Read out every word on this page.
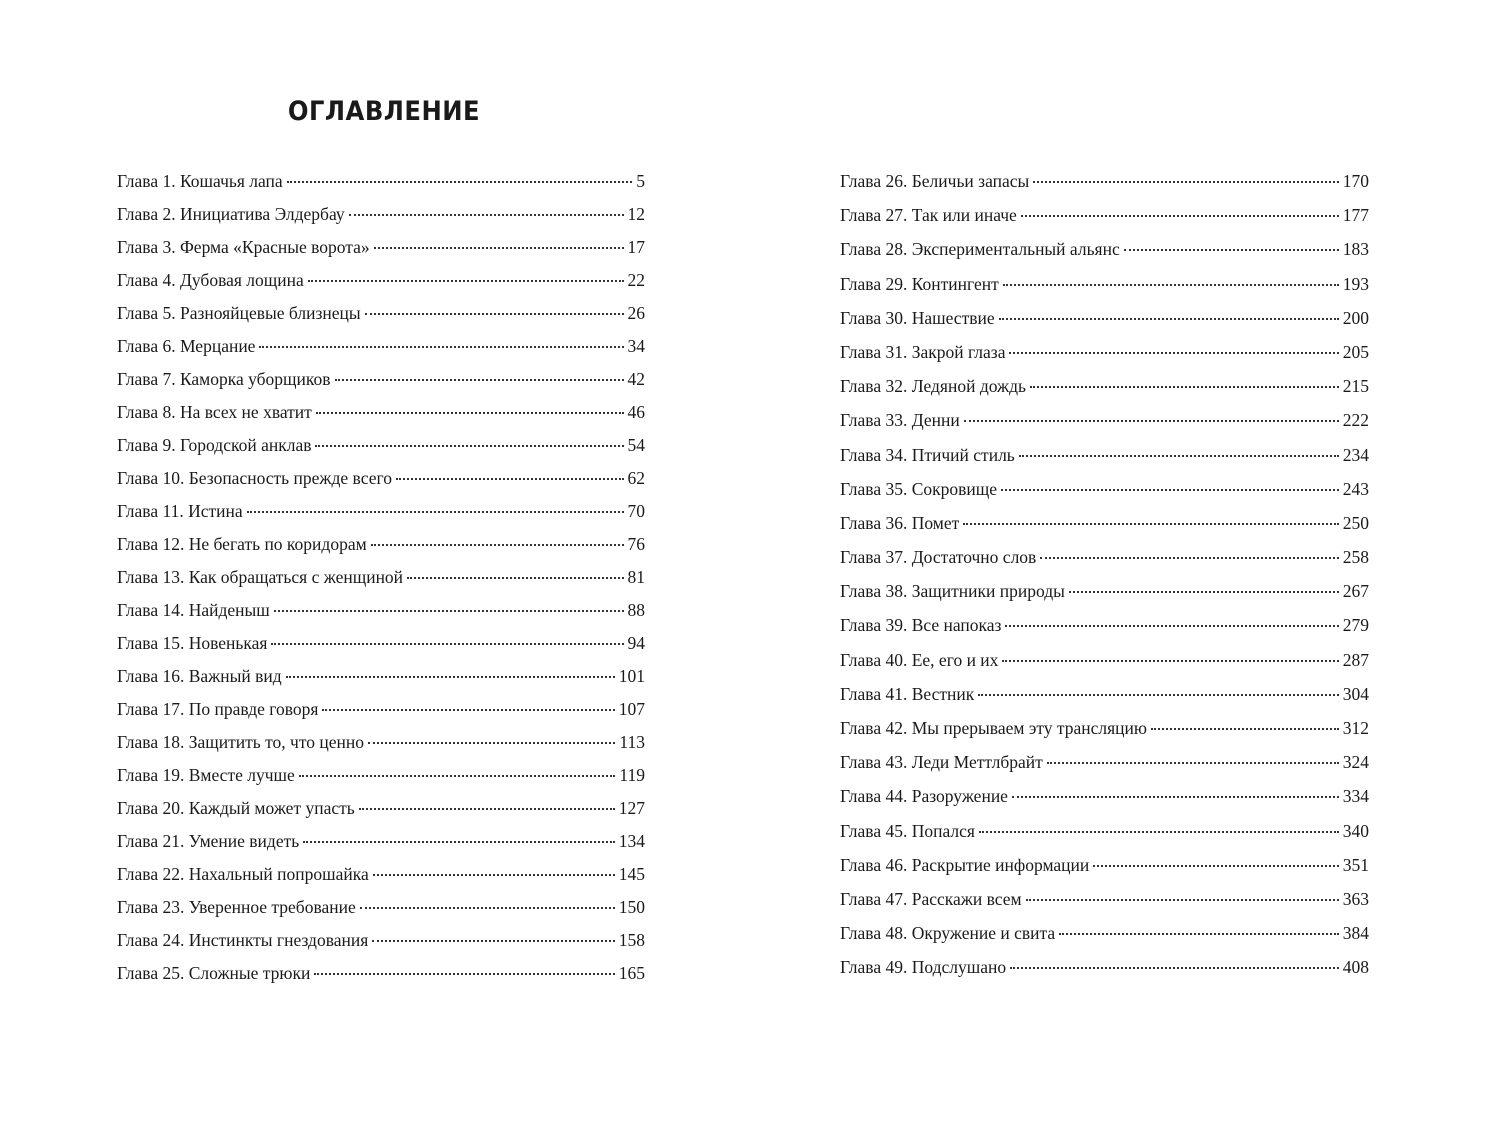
ОГЛАВЛЕНИЕ
Глава 1. Кошачья лапа	5
Глава 2. Инициатива Элдербау	12
Глава 3. Ферма «Красные ворота»	17
Глава 4. Дубовая лощина	22
Глава 5. Разнояйцевые близнецы	26
Глава 6. Мерцание	34
Глава 7. Каморка уборщиков	42
Глава 8. На всех не хватит	46
Глава 9. Городской анклав	54
Глава 10. Безопасность прежде всего	62
Глава 11. Истина	70
Глава 12. Не бегать по коридорам	76
Глава 13. Как обращаться с женщиной	81
Глава 14. Найденыш	88
Глава 15. Новенькая	94
Глава 16. Важный вид	101
Глава 17. По правде говоря	107
Глава 18. Защитить то, что ценно	113
Глава 19. Вместе лучше	119
Глава 20. Каждый может упасть	127
Глава 21. Умение видеть	134
Глава 22. Нахальный попрошайка	145
Глава 23. Уверенное требование	150
Глава 24. Инстинкты гнездования	158
Глава 25. Сложные трюки	165
Глава 26. Беличьи запасы	170
Глава 27. Так или иначе	177
Глава 28. Экспериментальный альянс	183
Глава 29. Контингент	193
Глава 30. Нашествие	200
Глава 31. Закрой глаза	205
Глава 32. Ледяной дождь	215
Глава 33. Денни	222
Глава 34. Птичий стиль	234
Глава 35. Сокровище	243
Глава 36. Помет	250
Глава 37. Достаточно слов	258
Глава 38. Защитники природы	267
Глава 39. Все напоказ	279
Глава 40. Ее, его и их	287
Глава 41. Вестник	304
Глава 42. Мы прерываем эту трансляцию	312
Глава 43. Леди Меттлбрайт	324
Глава 44. Разоружение	334
Глава 45. Попался	340
Глава 46. Раскрытие информации	351
Глава 47. Расскажи всем	363
Глава 48. Окружение и свита	384
Глава 49. Подслушано	408
